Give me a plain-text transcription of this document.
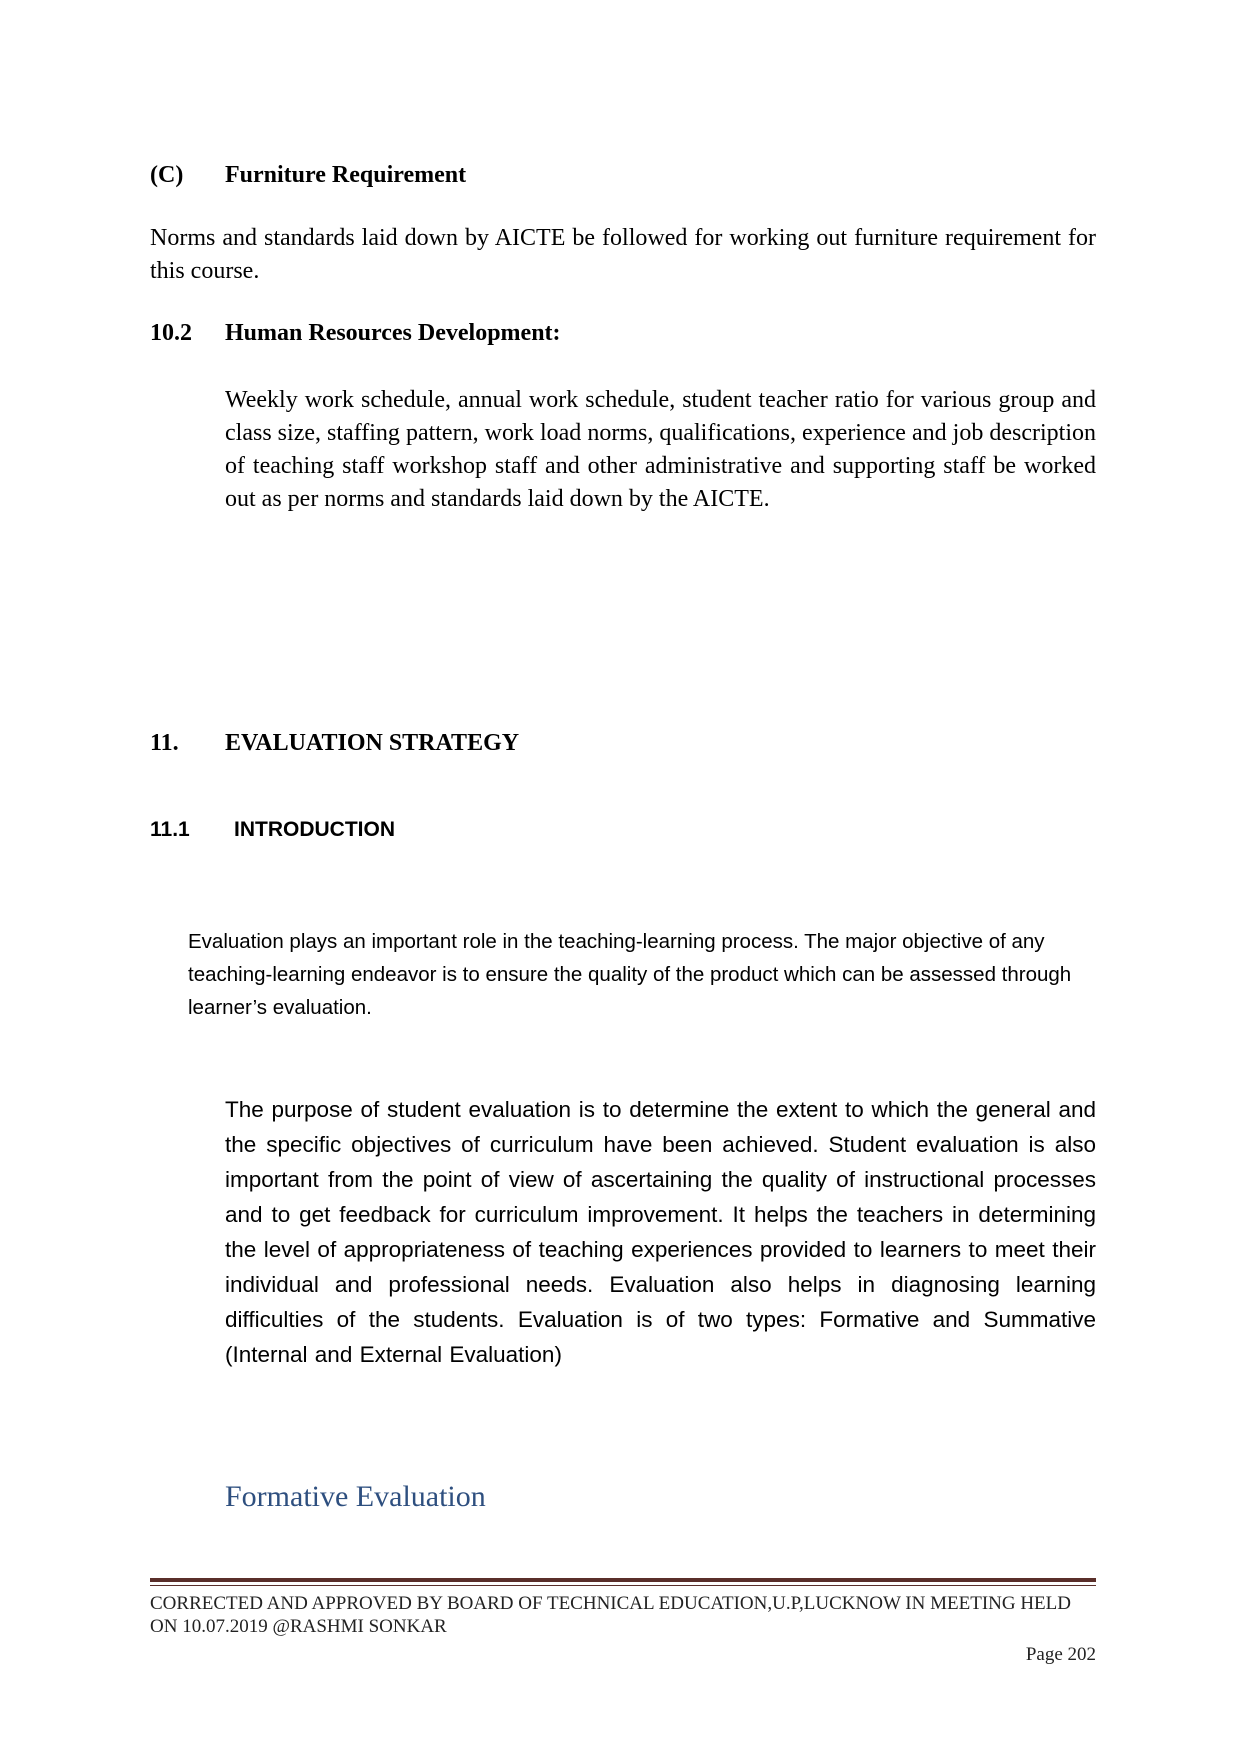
(C) Furniture Requirement
Norms and standards laid down by AICTE be followed for working out furniture requirement for this course.
10.2 Human Resources Development:
Weekly work schedule, annual work schedule, student teacher ratio for various group and class size, staffing pattern, work load norms, qualifications, experience and job description of teaching staff workshop staff and other administrative and supporting staff be worked out as per norms and standards laid down by the AICTE.
11. EVALUATION STRATEGY
11.1 INTRODUCTION
Evaluation plays an important role in the teaching-learning process. The major objective of any teaching-learning endeavor is to ensure the quality of the product which can be assessed through learner’s evaluation.
The purpose of student evaluation is to determine the extent to which the general and the specific objectives of curriculum have been achieved. Student evaluation is also important from the point of view of ascertaining the quality of instructional processes and to get feedback for curriculum improvement. It helps the teachers in determining the level of appropriateness of teaching experiences provided to learners to meet their individual and professional needs. Evaluation also helps in diagnosing learning difficulties of the students. Evaluation is of two types: Formative and Summative (Internal and External Evaluation)
Formative Evaluation
CORRECTED AND APPROVED BY BOARD OF TECHNICAL EDUCATION,U.P,LUCKNOW IN MEETING HELD
ON 10.07.2019 @RASHMI SONKAR
Page 202
